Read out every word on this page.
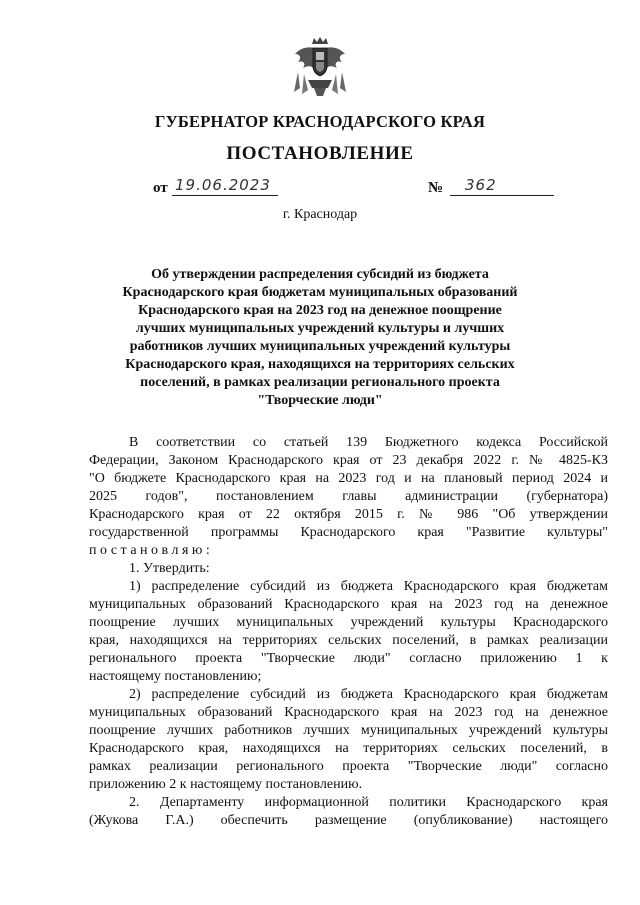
ГУБЕРНАТОР КРАСНОДАРСКОГО КРАЯ
ПОСТАНОВЛЕНИЕ
от 19.06.2023	№ 362
г. Краснодар
Об утверждении распределения субсидий из бюджета
Краснодарского края бюджетам муниципальных образований
Краснодарского края на 2023 год на денежное поощрение
лучших муниципальных учреждений культуры и лучших
работников лучших муниципальных учреждений культуры
Краснодарского края, находящихся на территориях сельских
поселений, в рамках реализации регионального проекта
"Творческие люди"
В соответствии со статьей 139 Бюджетного кодекса Российской
Федерации, Законом Краснодарского края от 23 декабря 2022 г. № 4825-КЗ
"О бюджете Краснодарского края на 2023 год и на плановый период 2024 и
2025 годов", постановлением главы администрации (губернатора)
Краснодарского края от 22 октября 2015 г. № 986 "Об утверждении
государственной программы Краснодарского края "Развитие культуры"
постановляю:
1. Утвердить:
1) распределение субсидий из бюджета Краснодарского края бюджетам
муниципальных образований Краснодарского края на 2023 год на денежное
поощрение лучших муниципальных учреждений культуры Краснодарского
края, находящихся на территориях сельских поселений, в рамках реализации
регионального проекта "Творческие люди" согласно приложению 1 к
настоящему постановлению;
2) распределение субсидий из бюджета Краснодарского края бюджетам
муниципальных образований Краснодарского края на 2023 год на денежное
поощрение лучших работников лучших муниципальных учреждений культуры
Краснодарского края, находящихся на территориях сельских поселений, в
рамках реализации регионального проекта "Творческие люди" согласно
приложению 2 к настоящему постановлению.
2. Департаменту информационной политики Краснодарского края
(Жукова Г.А.) обеспечить размещение (опубликование) настоящего
